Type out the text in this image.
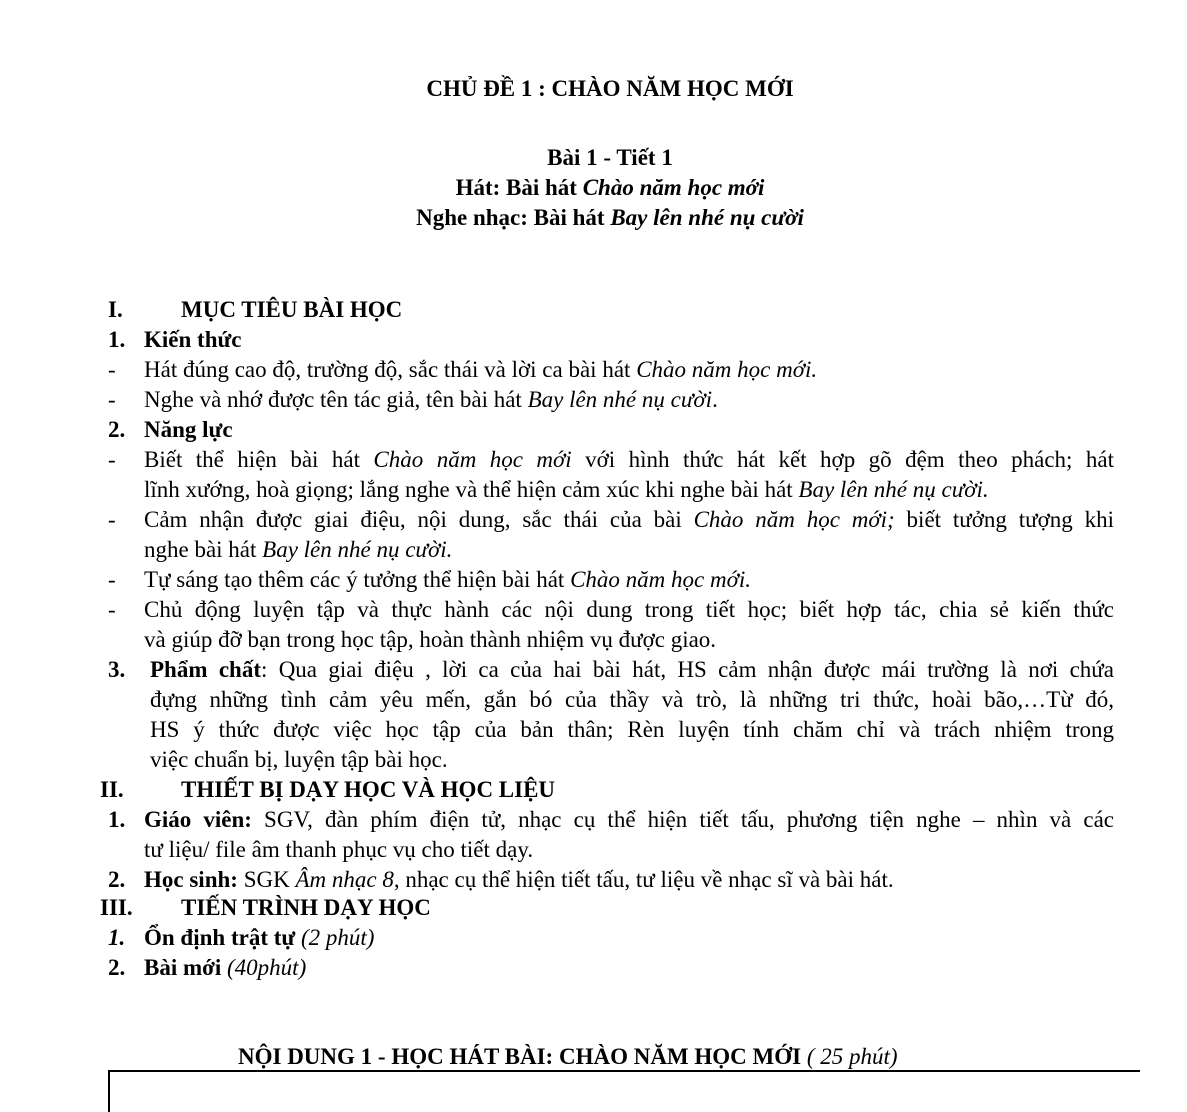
CHỦ ĐỀ 1 : CHÀO NĂM HỌC MỚI
Bài 1 - Tiết 1
Hát: Bài hát Chào năm học mới
Nghe nhạc: Bài hát Bay lên nhé nụ cười
I.	MỤC TIÊU BÀI HỌC
1. Kiến thức
- Hát đúng cao độ, trường độ, sắc thái và lời ca bài hát Chào năm học mới.
- Nghe và nhớ được tên tác giả, tên bài hát Bay lên nhé nụ cười.
2. Năng lực
- Biết thể hiện bài hát Chào năm học mới với hình thức hát kết hợp gõ đệm theo phách; hát
lĩnh xướng, hoà giọng; lắng nghe và thể hiện cảm xúc khi nghe bài hát Bay lên nhé nụ cười.
- Cảm nhận được giai điệu, nội dung, sắc thái của bài Chào năm học mới; biết tưởng tượng khi
nghe bài hát Bay lên nhé nụ cười.
- Tự sáng tạo thêm các ý tưởng thể hiện bài hát Chào năm học mới.
- Chủ động luyện tập và thực hành các nội dung trong tiết học; biết hợp tác, chia sẻ kiến thức
và giúp đỡ bạn trong học tập, hoàn thành nhiệm vụ được giao.
3. Phẩm chất: Qua giai điệu , lời ca của hai bài hát, HS cảm nhận được mái trường là nơi chứa
đựng những tình cảm yêu mến, gắn bó của thầy và trò, là những tri thức, hoài bão,…Từ đó,
HS ý thức được việc học tập của bản thân; Rèn luyện tính chăm chỉ và trách nhiệm trong
việc chuẩn bị, luyện tập bài học.
II. THIẾT BỊ DẠY HỌC VÀ HỌC LIỆU
1. Giáo viên: SGV, đàn phím điện tử, nhạc cụ thể hiện tiết tấu, phương tiện nghe – nhìn và các
tư liệu/ file âm thanh phục vụ cho tiết dạy.
2. Học sinh: SGK Âm nhạc 8, nhạc cụ thể hiện tiết tấu, tư liệu về nhạc sĩ và bài hát.
III. TIẾN TRÌNH DẠY HỌC
1. Ổn định trật tự (2 phút)
2. Bài mới (40phút)
NỘI DUNG 1 - HỌC HÁT BÀI: CHÀO NĂM HỌC MỚI ( 25 phút)
